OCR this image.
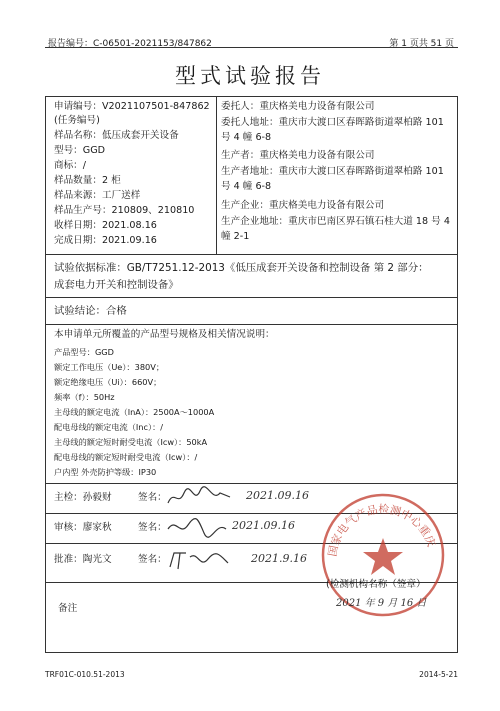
报告编号：C-06501-2021153/847862	第 1 页共 51 页
型式试验报告
申请编号：V2021107501-847862
(任务编号)
样品名称：低压成套开关设备
型号：GGD
商标：/
样品数量：2 柜
样品来源：工厂送样
样品生产号：210809、210810
收样日期：2021.08.16
完成日期：2021.09.16
委托人：重庆格美电力设备有限公司
委托人地址：重庆市大渡口区春晖路街道翠柏路 101
号 4 幢 6-8
生产者：重庆格美电力设备有限公司
生产者地址：重庆市大渡口区春晖路街道翠柏路 101
号 4 幢 6-8
生产企业：重庆格美电力设备有限公司
生产企业地址：重庆市巴南区界石镇石桂大道 18 号 4
幢 2-1
试验依据标准：GB/T7251.12-2013《低压成套开关设备和控制设备 第 2 部分：
成套电力开关和控制设备》
试验结论：合格
本申请单元所覆盖的产品型号规格及相关情况说明：
产品型号：GGD
额定工作电压（Ue）：380V；
额定绝缘电压（Ui）：660V；
频率（f）：50Hz
主母线的额定电流（InA）：2500A～1000A
配电母线的额定电流（Inc）：/
主母线的额定短时耐受电流（Icw）：50kA
配电母线的额定短时耐受电流（Icw）：/
户内型 外壳防护等级：IP30
主检：孙毅财	签名：	2021.09.16
审核：廖家秋	签名：	2021.09.16
批准：陶光文	签名：	2021.9.16
备注
国家电气产品检测中心重庆
(检测机构名称（签章）
2021 年 9 月 16 日
TRF01C-010.51-2013	2014-5-21
